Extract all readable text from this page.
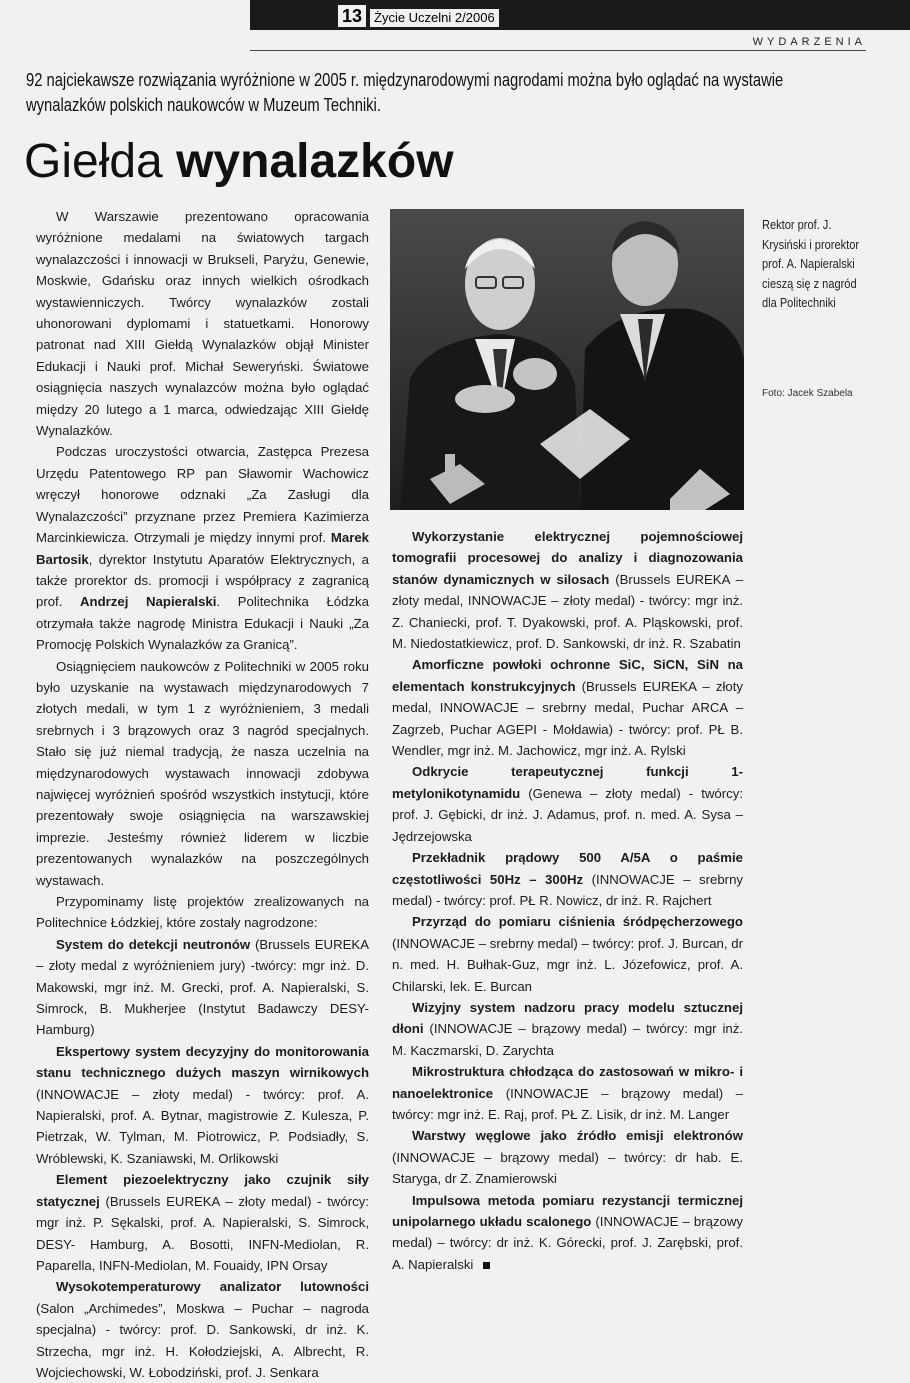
13 Życie Uczelni 2/2006
WYDARZENIA
92 najciekawsze rozwiązania wyróżnione w 2005 r. międzynarodowymi nagrodami można było oglądać na wystawie wynalazków polskich naukowców w Muzeum Techniki.
Giełda wynalazków

W Warszawie prezentowano opracowania wyróżnione medalami na światowych targach wynalazczości i innowacji w Brukseli, Paryżu, Genewie, Moskwie, Gdańsku oraz innych wielkich ośrodkach wystawienniczych. Twórcy wynalazków zostali uhonorowani dyplomami i statuetkami. Honorowy patronat nad XIII Giełdą Wynalazków objął Minister Edukacji i Nauki prof. Michał Seweryński. Światowe osiągnięcia naszych wynalazców można było oglądać między 20 lutego a 1 marca, odwiedzając XIII Giełdę Wynalazków.

Podczas uroczystości otwarcia, Zastępca Prezesa Urzędu Patentowego RP pan Sławomir Wachowicz wręczył honorowe odznaki „Za Zasługi dla Wynalazczości” przyznane przez Premiera Kazimierza Marcinkiewicza. Otrzymali je między innymi prof. Marek Bartosik, dyrektor Instytutu Aparatów Elektrycznych, a także prorektor ds. promocji i współpracy z zagranicą prof. Andrzej Napieralski. Politechnika Łódzka otrzymała także nagrodę Ministra Edukacji i Nauki „Za Promocję Polskich Wynalazków za Granicą”.

Osiągnięciem naukowców z Politechniki w 2005 roku było uzyskanie na wystawach międzynarodowych 7 złotych medali, w tym 1 z wyróżnieniem, 3 medali srebrnych i 3 brązowych oraz 3 nagród specjalnych. Stało się już niemal tradycją, że nasza uczelnia na międzynarodowych wystawach innowacji zdobywa najwięcej wyróżnień spośród wszystkich instytucji, które prezentowały swoje osiągnięcia na warszawskiej imprezie. Jesteśmy również liderem w liczbie prezentowanych wynalazków na poszczególnych wystawach.

Przypominamy listę projektów zrealizowanych na Politechnice Łódzkiej, które zostały nagrodzone:

System do detekcji neutronów (Brussels EUREKA – złoty medal z wyróżnieniem jury) -twórcy: mgr inż. D. Makowski, mgr inż. M. Grecki, prof. A. Napieralski, S. Simrock, B. Mukherjee (Instytut Badawczy DESY- Hamburg)

Ekspertowy system decyzyjny do monitorowania stanu technicznego dużych maszyn wirnikowych (INNOWACJE – złoty medal) - twórcy: prof. A. Napieralski, prof. A. Bytnar, magistrowie Z. Kulesza, P. Pietrzak, W. Tylman, M. Piotrowicz, P. Podsiadły, S. Wróblewski, K. Szaniawski, M. Orlikowski

Element piezoelektryczny jako czujnik siły statycznej (Brussels EUREKA – złoty medal) - twórcy: mgr inż. P. Sękalski, prof. A. Napieralski, S. Simrock, DESY- Hamburg, A. Bosotti, INFN-Mediolan, R. Paparella, INFN-Mediolan, M. Fouaidy, IPN Orsay

Wysokotemperaturowy analizator lutowności (Salon „Archimedes”, Moskwa – Puchar – nagroda specjalna) - twórcy: prof. D. Sankowski, dr inż. K. Strzecha, mgr inż. H. Kołodziejski, A. Albrecht, R. Wojciechowski, W. Łobodziński, prof. J. Senkara

Rektor prof. J. Krysiński i prorektor prof. A. Napieralski cieszą się z nagród dla Politechniki
Foto: Jacek Szabela

Wykorzystanie elektrycznej pojemnościowej tomografii procesowej do analizy i diagnozowania stanów dynamicznych w silosach (Brussels EUREKA – złoty medal, INNOWACJE – złoty medal) - twórcy: mgr inż. Z. Chaniecki, prof. T. Dyakowski, prof. A. Pląskowski, prof. M. Niedostatkiewicz, prof. D. Sankowski, dr inż. R. Szabatin

Amorficzne powłoki ochronne SiC, SiCN, SiN na elementach konstrukcyjnych (Brussels EUREKA – złoty medal, INNOWACJE – srebrny medal, Puchar ARCA – Zagrzeb, Puchar AGEPI - Mołdawia) - twórcy: prof. PŁ B. Wendler, mgr inż. M. Jachowicz, mgr inż. A. Rylski

Odkrycie terapeutycznej funkcji 1-metylonikotynamidu (Genewa – złoty medal) - twórcy: prof. J. Gębicki, dr inż. J. Adamus, prof. n. med. A. Sysa – Jędrzejowska

Przekładnik prądowy 500 A/5A o paśmie częstotliwości 50Hz – 300Hz (INNOWACJE – srebrny medal) - twórcy: prof. PŁ R. Nowicz, dr inż. R. Rajchert

Przyrząd do pomiaru ciśnienia śródpęcherzowego (INNOWACJE – srebrny medal) – twórcy: prof. J. Burcan, dr n. med. H. Bułhak-Guz, mgr inż. L. Józefowicz, prof. A. Chilarski, lek. E. Burcan

Wizyjny system nadzoru pracy modelu sztucznej dłoni (INNOWACJE – brązowy medal) – twórcy: mgr inż. M. Kaczmarski, D. Zarychta

Mikrostruktura chłodząca do zastosowań w mikro- i nanoelektronice (INNOWACJE – brązowy medal) – twórcy: mgr inż. E. Raj, prof. PŁ Z. Lisik, dr inż. M. Langer

Warstwy węglowe jako źródło emisji elektronów (INNOWACJE – brązowy medal) – twórcy: dr hab. E. Staryga, dr Z. Znamierowski

Impulsowa metoda pomiaru rezystancji termicznej unipolarnego układu scalonego (INNOWACJE – brązowy medal) – twórcy: dr inż. K. Górecki, prof. J. Zarębski, prof. A. Napieralski
